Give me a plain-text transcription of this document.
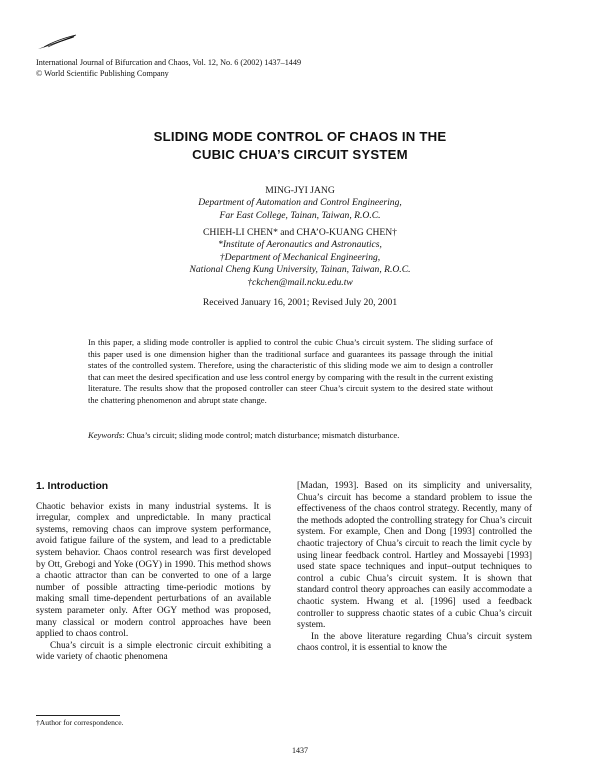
International Journal of Bifurcation and Chaos, Vol. 12, No. 6 (2002) 1437–1449
© World Scientific Publishing Company
SLIDING MODE CONTROL OF CHAOS IN THE
CUBIC CHUA’S CIRCUIT SYSTEM
MING-JYI JANG
Department of Automation and Control Engineering,
Far East College, Tainan, Taiwan, R.O.C.
CHIEH-LI CHEN* and CHA’O-KUANG CHEN†
*Institute of Aeronautics and Astronautics,
†Department of Mechanical Engineering,
National Cheng Kung University, Tainan, Taiwan, R.O.C.
†ckchen@mail.ncku.edu.tw
Received January 16, 2001; Revised July 20, 2001
In this paper, a sliding mode controller is applied to control the cubic Chua’s circuit system. The sliding surface of this paper used is one dimension higher than the traditional surface and guarantees its passage through the initial states of the controlled system. Therefore, using the characteristic of this sliding mode we aim to design a controller that can meet the desired specification and use less control energy by comparing with the result in the current existing literature. The results show that the proposed controller can steer Chua’s circuit system to the desired state without the chattering phenomenon and abrupt state change.
Keywords: Chua’s circuit; sliding mode control; match disturbance; mismatch disturbance.
1. Introduction

Chaotic behavior exists in many industrial systems. It is irregular, complex and unpredictable. In many practical systems, removing chaos can improve system performance, avoid fatigue failure of the system, and lead to a predictable system behavior. Chaos control research was first developed by Ott, Grebogi and Yoke (OGY) in 1990. This method shows a chaotic attractor than can be converted to one of a large number of possible attracting time-periodic motions by making small time-dependent perturbations of an available system parameter only. After OGY method was proposed, many classical or modern control approaches have been applied to chaos control.

Chua’s circuit is a simple electronic circuit exhibiting a wide variety of chaotic phenomena

[Madan, 1993]. Based on its simplicity and universality, Chua’s circuit has become a standard problem to issue the effectiveness of the chaos control strategy. Recently, many of the methods adopted the controlling strategy for Chua’s circuit system. For example, Chen and Dong [1993] controlled the chaotic trajectory of Chua’s circuit to reach the limit cycle by using linear feedback control. Hartley and Mossayebi [1993] used state space techniques and input–output techniques to control a cubic Chua’s circuit system. It is shown that standard control theory approaches can easily accommodate a chaotic system. Hwang et al. [1996] used a feedback controller to suppress chaotic states of a cubic Chua’s circuit system.

In the above literature regarding Chua’s circuit system chaos control, it is essential to know the

†Author for correspondence.
1437
